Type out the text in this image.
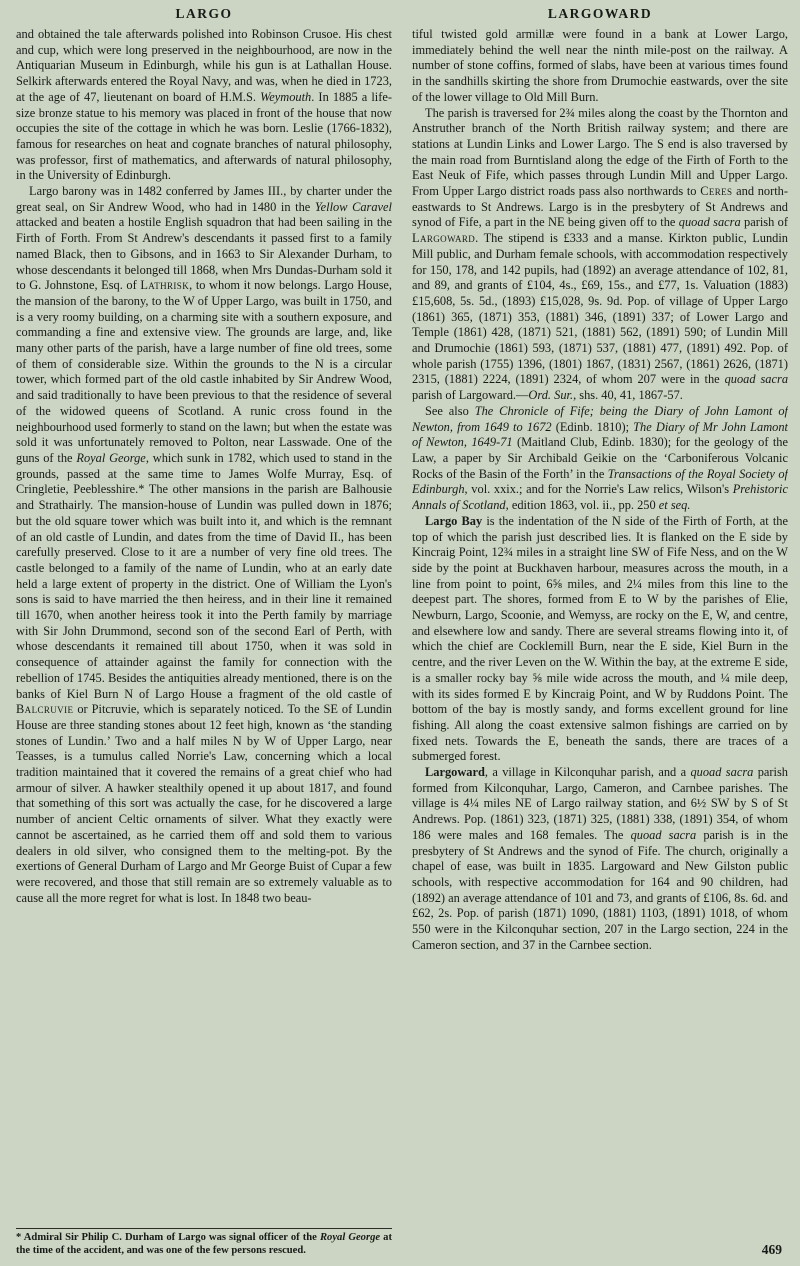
LARGO

and obtained the tale afterwards polished into Robinson Crusoe. His chest and cup, which were long preserved in the neighbourhood, are now in the Antiquarian Museum in Edinburgh, while his gun is at Lathallan House. Selkirk afterwards entered the Royal Navy, and was, when he died in 1723, at the age of 47, lieutenant on board of H.M.S. Weymouth. In 1885 a life-size bronze statue to his memory was placed in front of the house that now occupies the site of the cottage in which he was born. Leslie (1766-1832), famous for researches on heat and cognate branches of natural philosophy, was professor, first of mathematics, and afterwards of natural philosophy, in the University of Edinburgh.

Largo barony was in 1482 conferred by James III., by charter under the great seal, on Sir Andrew Wood, who had in 1480 in the Yellow Caravel attacked and beaten a hostile English squadron that had been sailing in the Firth of Forth. From St Andrew's descendants it passed first to a family named Black, then to Gibsons, and in 1663 to Sir Alexander Durham, to whose descendants it belonged till 1868, when Mrs Dundas-Durham sold it to G. Johnstone, Esq. of Lathrisk, to whom it now belongs. Largo House, the mansion of the barony, to the W of Upper Largo, was built in 1750, and is a very roomy building, on a charming site with a southern exposure, and commanding a fine and extensive view. The grounds are large, and, like many other parts of the parish, have a large number of fine old trees, some of them of considerable size. Within the grounds to the N is a circular tower, which formed part of the old castle inhabited by Sir Andrew Wood, and said traditionally to have been previous to that the residence of several of the widowed queens of Scotland. A runic cross found in the neighbourhood used formerly to stand on the lawn; but when the estate was sold it was unfortunately removed to Polton, near Lasswade. One of the guns of the Royal George, which sunk in 1782, which used to stand in the grounds, passed at the same time to James Wolfe Murray, Esq. of Cringletie, Peeblesshire.* The other mansions in the parish are Balhousie and Strathairly. The mansion-house of Lundin was pulled down in 1876; but the old square tower which was built into it, and which is the remnant of an old castle of Lundin, and dates from the time of David II., has been carefully preserved. Close to it are a number of very fine old trees. The castle belonged to a family of the name of Lundin, who at an early date held a large extent of property in the district. One of William the Lyon's sons is said to have married the then heiress, and in their line it remained till 1670, when another heiress took it into the Perth family by marriage with Sir John Drummond, second son of the second Earl of Perth, with whose descendants it remained till about 1750, when it was sold in consequence of attainder against the family for connection with the rebellion of 1745. Besides the antiquities already mentioned, there is on the banks of Kiel Burn N of Largo House a fragment of the old castle of Balcruvie or Pitcruvie, which is separately noticed. To the SE of Lundin House are three standing stones about 12 feet high, known as ‘the standing stones of Lundin.’ Two and a half miles N by W of Upper Largo, near Teasses, is a tumulus called Norrie's Law, concerning which a local tradition maintained that it covered the remains of a great chief who had armour of silver. A hawker stealthily opened it up about 1817, and found that something of this sort was actually the case, for he discovered a large number of ancient Celtic ornaments of silver. What they exactly were cannot be ascertained, as he carried them off and sold them to various dealers in old silver, who consigned them to the melting-pot. By the exertions of General Durham of Largo and Mr George Buist of Cupar a few were recovered, and those that still remain are so extremely valuable as to cause all the more regret for what is lost. In 1848 two beau-

* Admiral Sir Philip C. Durham of Largo was signal officer of the Royal George at the time of the accident, and was one of the few persons rescued.

LARGOWARD

tiful twisted gold armillæ were found in a bank at Lower Largo, immediately behind the well near the ninth mile-post on the railway. A number of stone coffins, formed of slabs, have been at various times found in the sandhills skirting the shore from Drumochie eastwards, over the site of the lower village to Old Mill Burn.

The parish is traversed for 2¾ miles along the coast by the Thornton and Anstruther branch of the North British railway system; and there are stations at Lundin Links and Lower Largo. The S end is also traversed by the main road from Burntisland along the edge of the Firth of Forth to the East Neuk of Fife, which passes through Lundin Mill and Upper Largo. From Upper Largo district roads pass also northwards to Ceres and north-eastwards to St Andrews. Largo is in the presbytery of St Andrews and synod of Fife, a part in the NE being given off to the quoad sacra parish of Largoward. The stipend is £333 and a manse. Kirkton public, Lundin Mill public, and Durham female schools, with accommodation respectively for 150, 178, and 142 pupils, had (1892) an average attendance of 102, 81, and 89, and grants of £104, 4s., £69, 15s., and £77, 1s. Valuation (1883) £15,608, 5s. 5d., (1893) £15,028, 9s. 9d. Pop. of village of Upper Largo (1861) 365, (1871) 353, (1881) 346, (1891) 337; of Lower Largo and Temple (1861) 428, (1871) 521, (1881) 562, (1891) 590; of Lundin Mill and Drumochie (1861) 593, (1871) 537, (1881) 477, (1891) 492. Pop. of whole parish (1755) 1396, (1801) 1867, (1831) 2567, (1861) 2626, (1871) 2315, (1881) 2224, (1891) 2324, of whom 207 were in the quoad sacra parish of Largoward.—Ord. Sur., shs. 40, 41, 1867-57.

See also The Chronicle of Fife; being the Diary of John Lamont of Newton, from 1649 to 1672 (Edinb. 1810); The Diary of Mr John Lamont of Newton, 1649-71 (Maitland Club, Edinb. 1830); for the geology of the Law, a paper by Sir Archibald Geikie on the ‘Carboniferous Volcanic Rocks of the Basin of the Forth’ in the Transactions of the Royal Society of Edinburgh, vol. xxix.; and for the Norrie's Law relics, Wilson's Prehistoric Annals of Scotland, edition 1863, vol. ii., pp. 250 et seq.

Largo Bay is the indentation of the N side of the Firth of Forth, at the top of which the parish just described lies. It is flanked on the E side by Kincraig Point, 12¾ miles in a straight line SW of Fife Ness, and on the W side by the point at Buckhaven harbour, measures across the mouth, in a line from point to point, 6⅝ miles, and 2¼ miles from this line to the deepest part. The shores, formed from E to W by the parishes of Elie, Newburn, Largo, Scoonie, and Wemyss, are rocky on the E, W, and centre, and elsewhere low and sandy. There are several streams flowing into it, of which the chief are Cocklemill Burn, near the E side, Kiel Burn in the centre, and the river Leven on the W. Within the bay, at the extreme E side, is a smaller rocky bay ⅝ mile wide across the mouth, and ¼ mile deep, with its sides formed E by Kincraig Point, and W by Ruddons Point. The bottom of the bay is mostly sandy, and forms excellent ground for line fishing. All along the coast extensive salmon fishings are carried on by fixed nets. Towards the E, beneath the sands, there are traces of a submerged forest.

Largoward, a village in Kilconquhar parish, and a quoad sacra parish formed from Kilconquhar, Largo, Cameron, and Carnbee parishes. The village is 4¼ miles NE of Largo railway station, and 6½ SW by S of St Andrews. Pop. (1861) 323, (1871) 325, (1881) 338, (1891) 354, of whom 186 were males and 168 females. The quoad sacra parish is in the presbytery of St Andrews and the synod of Fife. The church, originally a chapel of ease, was built in 1835. Largoward and New Gilston public schools, with respective accommodation for 164 and 90 children, had (1892) an average attendance of 101 and 73, and grants of £106, 8s. 6d. and £62, 2s. Pop. of parish (1871) 1090, (1881) 1103, (1891) 1018, of whom 550 were in the Kilconquhar section, 207 in the Largo section, 224 in the Cameron section, and 37 in the Carnbee section.

469
